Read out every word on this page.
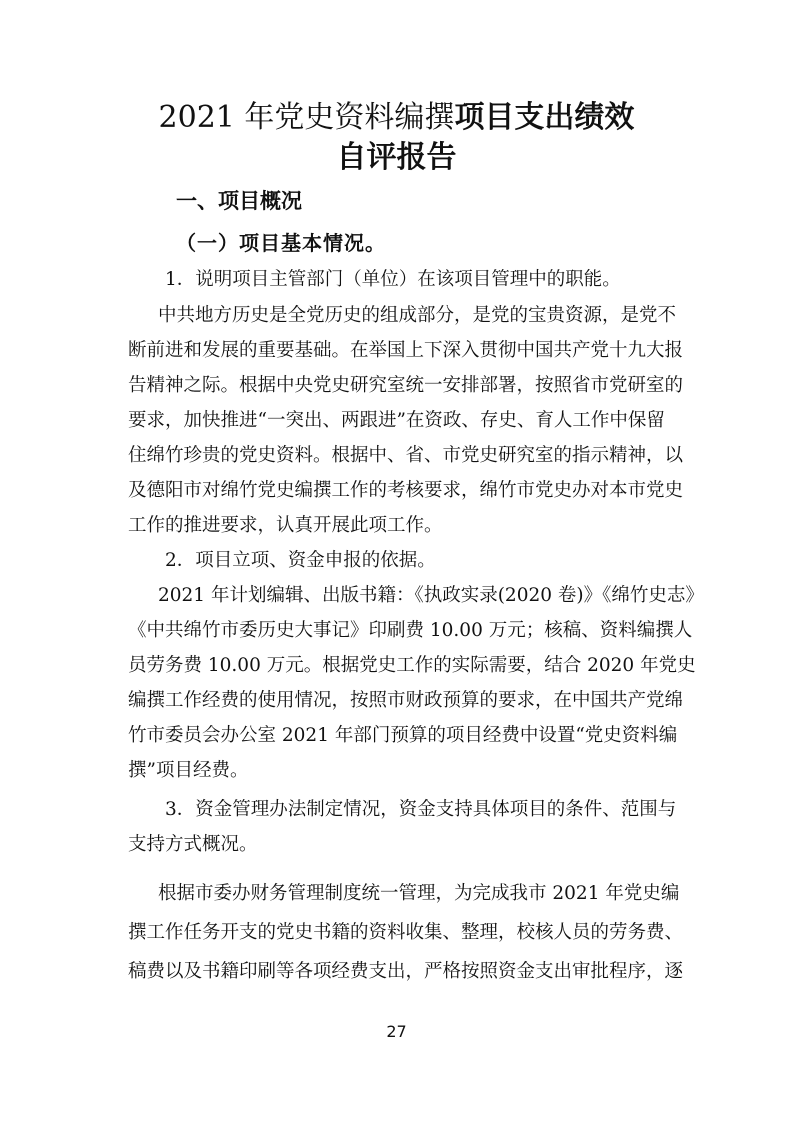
2021 年党史资料编撰项目支出绩效
自评报告
一、项目概况
（一）项目基本情况。
1．说明项目主管部门（单位）在该项目管理中的职能。
中共地方历史是全党历史的组成部分，是党的宝贵资源，是党不
断前进和发展的重要基础。在举国上下深入贯彻中国共产党十九大报
告精神之际。根据中央党史研究室统一安排部署，按照省市党研室的
要求，加快推进“一突出、两跟进”在资政、存史、育人工作中保留
住绵竹珍贵的党史资料。根据中、省、市党史研究室的指示精神，以
及德阳市对绵竹党史编撰工作的考核要求，绵竹市党史办对本市党史
工作的推进要求，认真开展此项工作。
2．项目立项、资金申报的依据。
2021 年计划编辑、出版书籍：《执政实录(2020 卷)》《绵竹史志》
《中共绵竹市委历史大事记》印刷费 10.00 万元；核稿、资料编撰人
员劳务费 10.00 万元。根据党史工作的实际需要，结合 2020 年党史
编撰工作经费的使用情况，按照市财政预算的要求，在中国共产党绵
竹市委员会办公室 2021 年部门预算的项目经费中设置“党史资料编
撰”项目经费。
3．资金管理办法制定情况，资金支持具体项目的条件、范围与
支持方式概况。
根据市委办财务管理制度统一管理，为完成我市 2021 年党史编
撰工作任务开支的党史书籍的资料收集、整理，校核人员的劳务费、
稿费以及书籍印刷等各项经费支出，严格按照资金支出审批程序，逐
27
